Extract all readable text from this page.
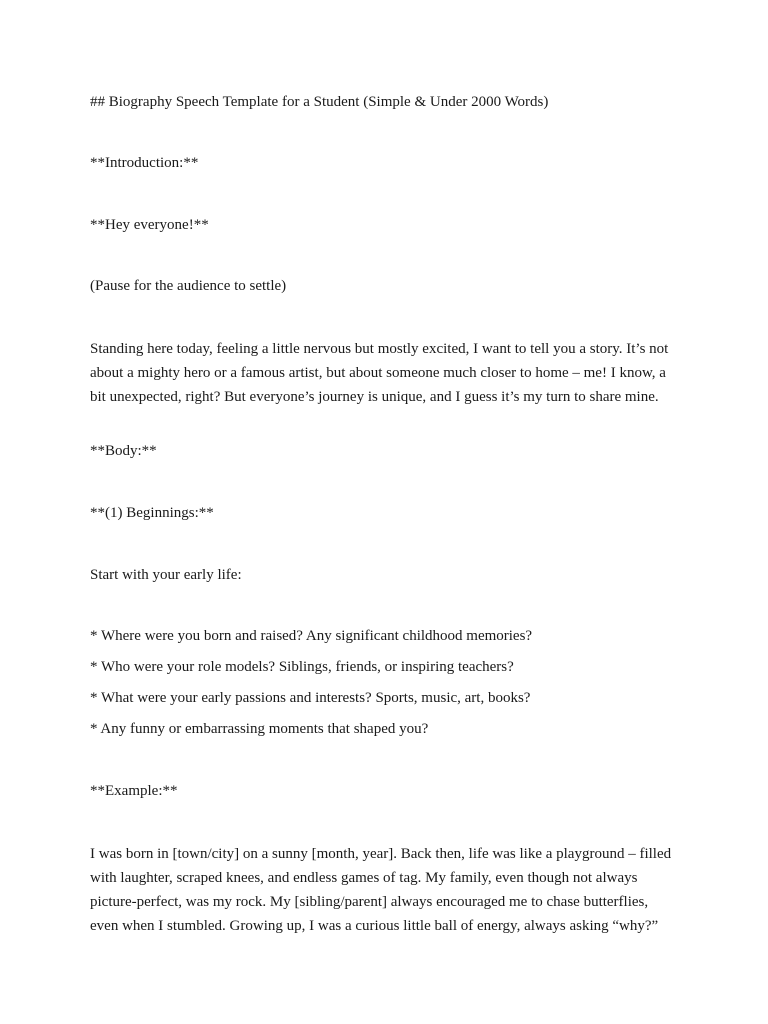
## Biography Speech Template for a Student (Simple & Under 2000 Words)

**Introduction:**

**Hey everyone!**

(Pause for the audience to settle)

Standing here today, feeling a little nervous but mostly excited, I want to tell you a story. It’s not about a mighty hero or a famous artist, but about someone much closer to home – me! I know, a bit unexpected, right? But everyone’s journey is unique, and I guess it’s my turn to share mine.

**Body:**

**(1) Beginnings:**

Start with your early life:

* Where were you born and raised? Any significant childhood memories?

* Who were your role models? Siblings, friends, or inspiring teachers?

* What were your early passions and interests? Sports, music, art, books?

* Any funny or embarrassing moments that shaped you?

**Example:**

I was born in [town/city] on a sunny [month, year]. Back then, life was like a playground – filled with laughter, scraped knees, and endless games of tag. My family, even though not always picture-perfect, was my rock. My [sibling/parent] always encouraged me to chase butterflies, even when I stumbled. Growing up, I was a curious little ball of energy, always asking “why?”
